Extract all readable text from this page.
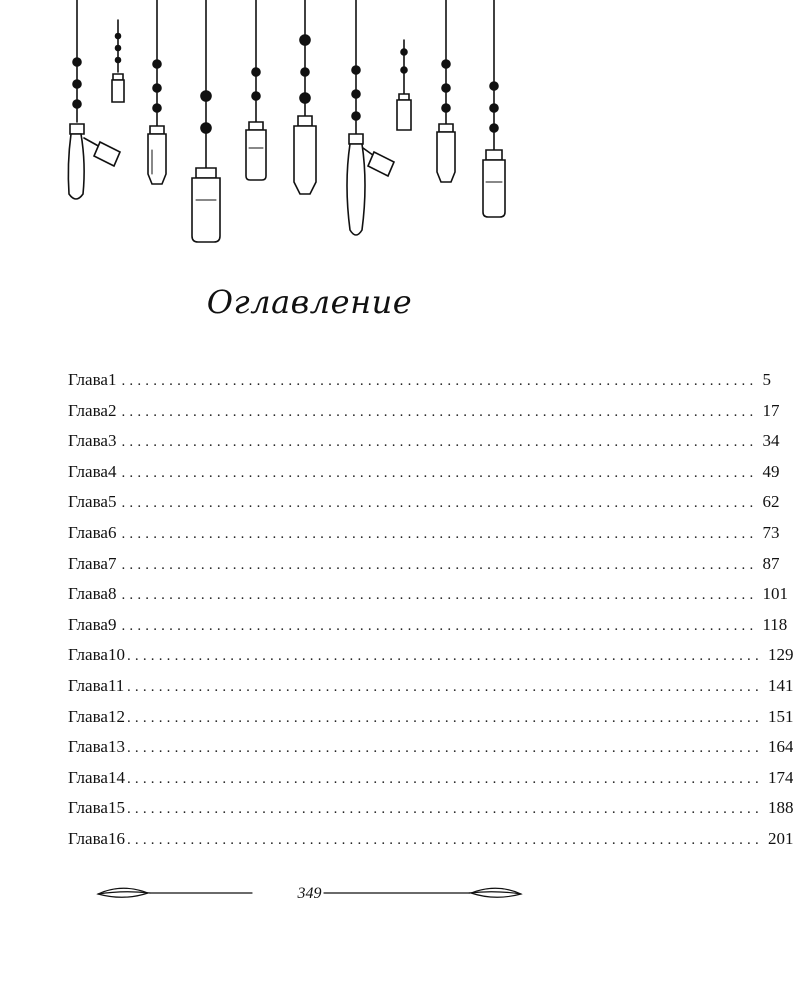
Оглавление
Глава 1 ................................................................................ 5
Глава 2 ................................................................................ 17
Глава 3 ................................................................................ 34
Глава 4 ................................................................................ 49
Глава 5 ................................................................................ 62
Глава 6 ................................................................................ 73
Глава 7 ................................................................................ 87
Глава 8 ................................................................................ 101
Глава 9 ................................................................................ 118
Глава 10 ................................................................................ 129
Глава 11 ................................................................................ 141
Глава 12 ................................................................................ 151
Глава 13 ................................................................................ 164
Глава 14 ................................................................................ 174
Глава 15 ................................................................................ 188
Глава 16 ................................................................................ 201
349
